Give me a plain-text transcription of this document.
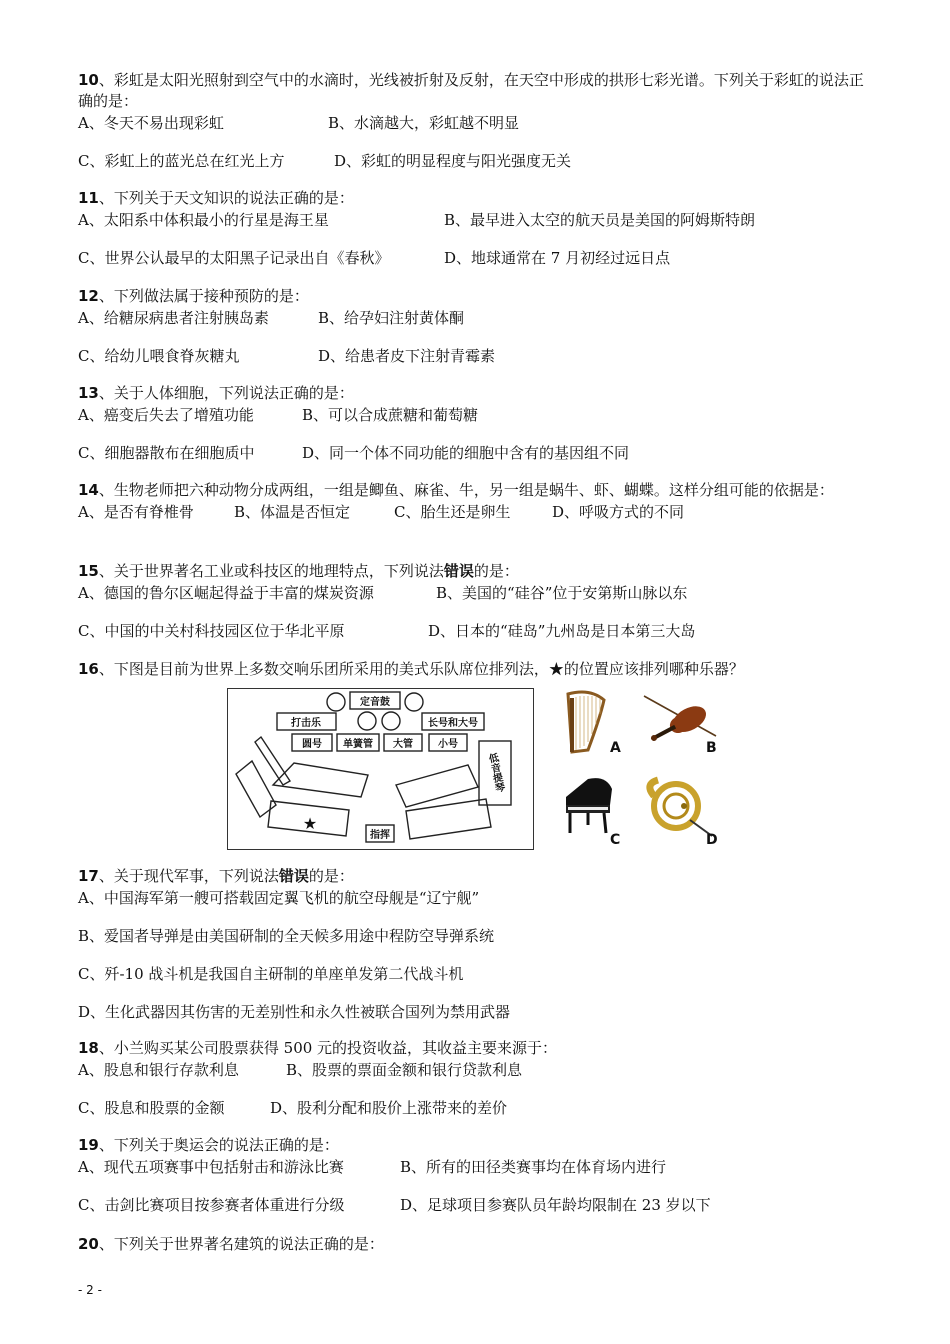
10、彩虹是太阳光照射到空气中的水滴时，光线被折射及反射，在天空中形成的拱形七彩光谱。下列关于彩虹的说法正确的是：
A、冬天不易出现彩虹	B、水滴越大，彩虹越不明显
C、彩虹上的蓝光总在红光上方	D、彩虹的明显程度与阳光强度无关
11、下列关于天文知识的说法正确的是：
A、太阳系中体积最小的行星是海王星	B、最早进入太空的航天员是美国的阿姆斯特朗
C、世界公认最早的太阳黑子记录出自《春秋》	D、地球通常在 7 月初经过远日点
12、下列做法属于接种预防的是：
A、给糖尿病患者注射胰岛素	B、给孕妇注射黄体酮
C、给幼儿喂食脊灰糖丸	D、给患者皮下注射青霉素
13、关于人体细胞，下列说法正确的是：
A、癌变后失去了增殖功能	B、可以合成蔗糖和葡萄糖
C、细胞器散布在细胞质中	D、同一个体不同功能的细胞中含有的基因组不同
14、生物老师把六种动物分成两组，一组是鲫鱼、麻雀、牛，另一组是蜗牛、虾、蝴蝶。这样分组可能的依据是：
A、是否有脊椎骨	B、体温是否恒定	C、胎生还是卵生	D、呼吸方式的不同
15、关于世界著名工业或科技区的地理特点，下列说法错误的是：
A、德国的鲁尔区崛起得益于丰富的煤炭资源	B、美国的“硅谷”位于安第斯山脉以东
C、中国的中关村科技园区位于华北平原	D、日本的“硅岛”九州岛是日本第三大岛
16、下图是目前为世界上多数交响乐团所采用的美式乐队席位排列法，★的位置应该排列哪种乐器？
定音鼓
打击乐	长号和大号
圆号 单簧管 大管	小号
指挥
★
低音提琴
A	B
C	D
17、关于现代军事，下列说法错误的是：
A、中国海军第一艘可搭载固定翼飞机的航空母舰是“辽宁舰”
B、爱国者导弹是由美国研制的全天候多用途中程防空导弹系统
C、歼-10 战斗机是我国自主研制的单座单发第二代战斗机
D、生化武器因其伤害的无差别性和永久性被联合国列为禁用武器
18、小兰购买某公司股票获得 500 元的投资收益，其收益主要来源于：
A、股息和银行存款利息	B、股票的票面金额和银行贷款利息
C、股息和股票的金额	D、股利分配和股价上涨带来的差价
19、下列关于奥运会的说法正确的是：
A、现代五项赛事中包括射击和游泳比赛	B、所有的田径类赛事均在体育场内进行
C、击剑比赛项目按参赛者体重进行分级	D、足球项目参赛队员年龄均限制在 23 岁以下
20、下列关于世界著名建筑的说法正确的是：
- 2 -
